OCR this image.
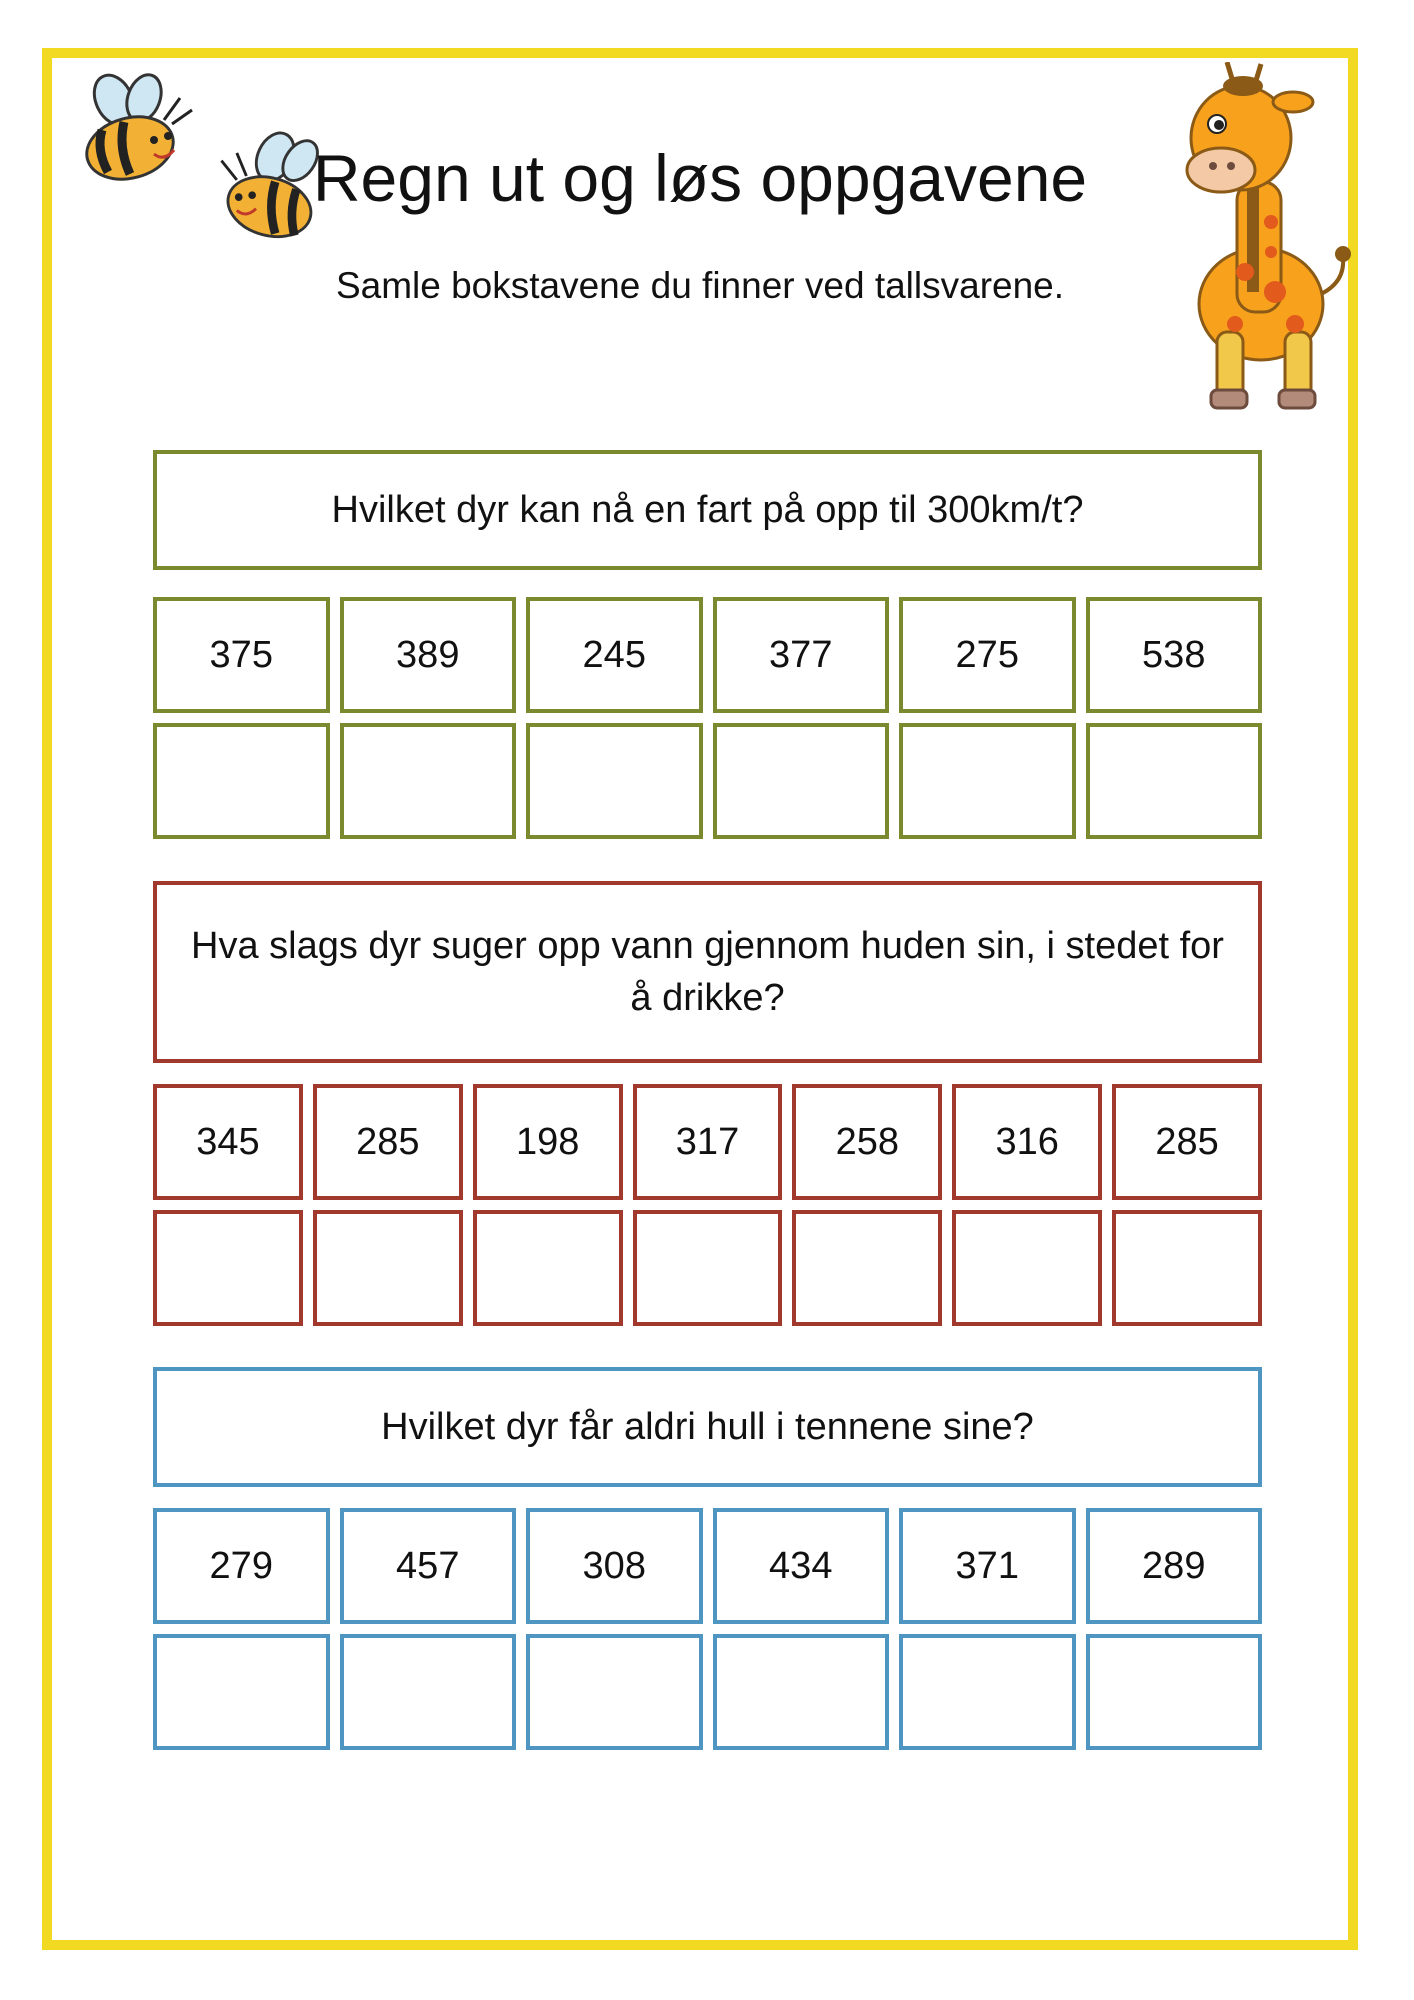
Regn ut og løs oppgavene

Samle bokstavene du finner ved tallsvarene.

Hvilket dyr kan nå en fart på opp til 300km/t?
375	389	245	377	275	538
Hva slags dyr suger opp vann gjennom huden sin, i stedet for å drikke?
345	285	198	317	258	316	285
Hvilket dyr får aldri hull i tennene sine?
279	457	308	434	371	289
